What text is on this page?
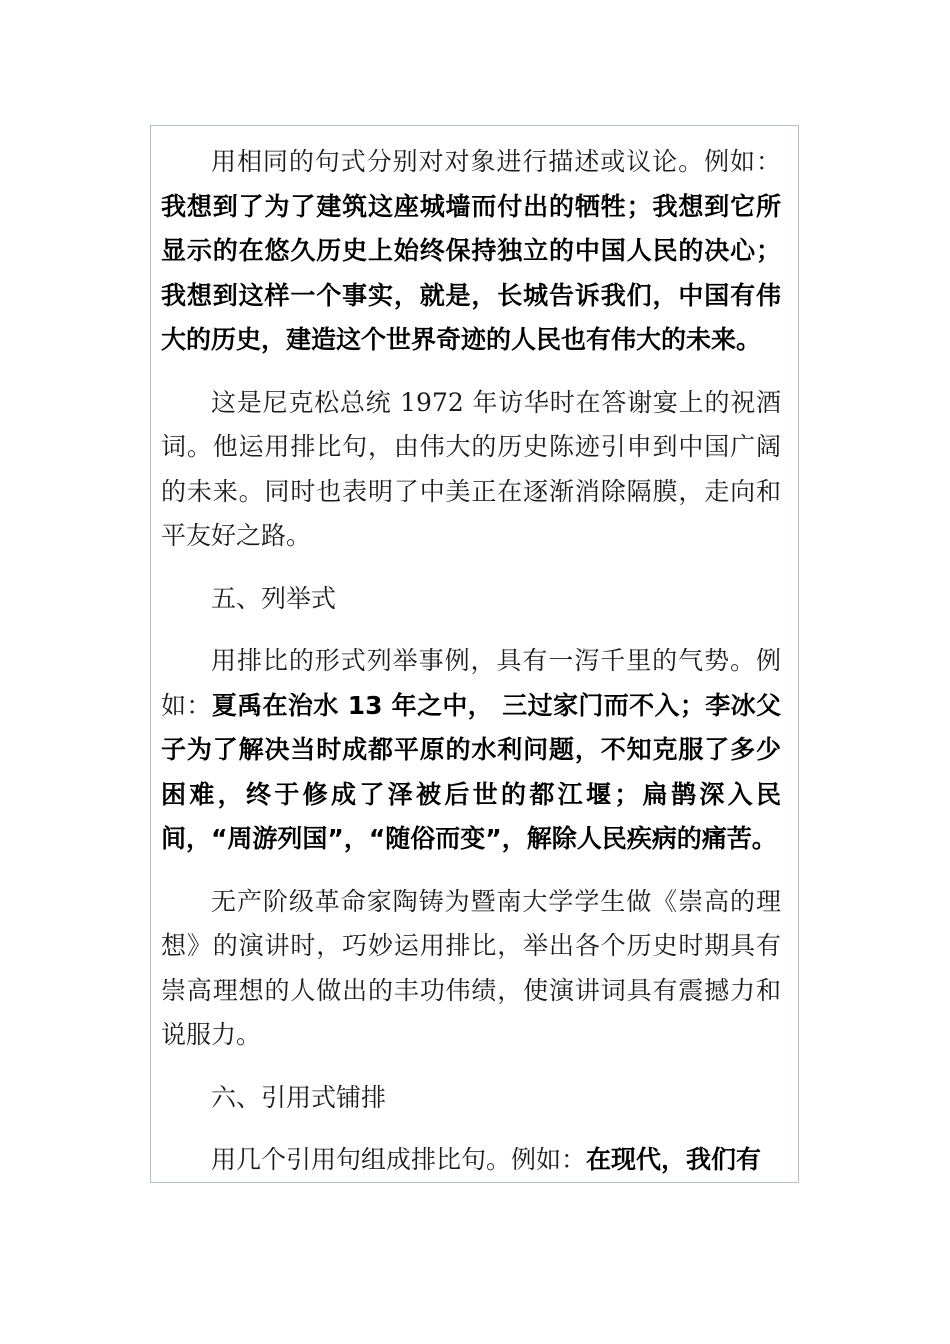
用相同的句式分别对对象进行描述或议论。例如：我想到了为了建筑这座城墙而付出的牺牲；我想到它所显示的在悠久历史上始终保持独立的中国人民的决心；我想到这样一个事实，就是，长城告诉我们，中国有伟大的历史，建造这个世界奇迹的人民也有伟大的未来。

这是尼克松总统 1972 年访华时在答谢宴上的祝酒词。他运用排比句，由伟大的历史陈迹引申到中国广阔的未来。同时也表明了中美正在逐渐消除隔膜，走向和平友好之路。

五、列举式

用排比的形式列举事例，具有一泻千里的气势。例如：夏禹在治水 13 年之中， 三过家门而不入；李冰父子为了解决当时成都平原的水利问题，不知克服了多少困难，终于修成了泽被后世的都江堰；扁鹊深入民间，“周游列国”，“随俗而变”，解除人民疾病的痛苦。

无产阶级革命家陶铸为暨南大学学生做《崇高的理想》的演讲时，巧妙运用排比，举出各个历史时期具有崇高理想的人做出的丰功伟绩，使演讲词具有震撼力和说服力。

六、引用式铺排

用几个引用句组成排比句。例如：在现代，我们有
